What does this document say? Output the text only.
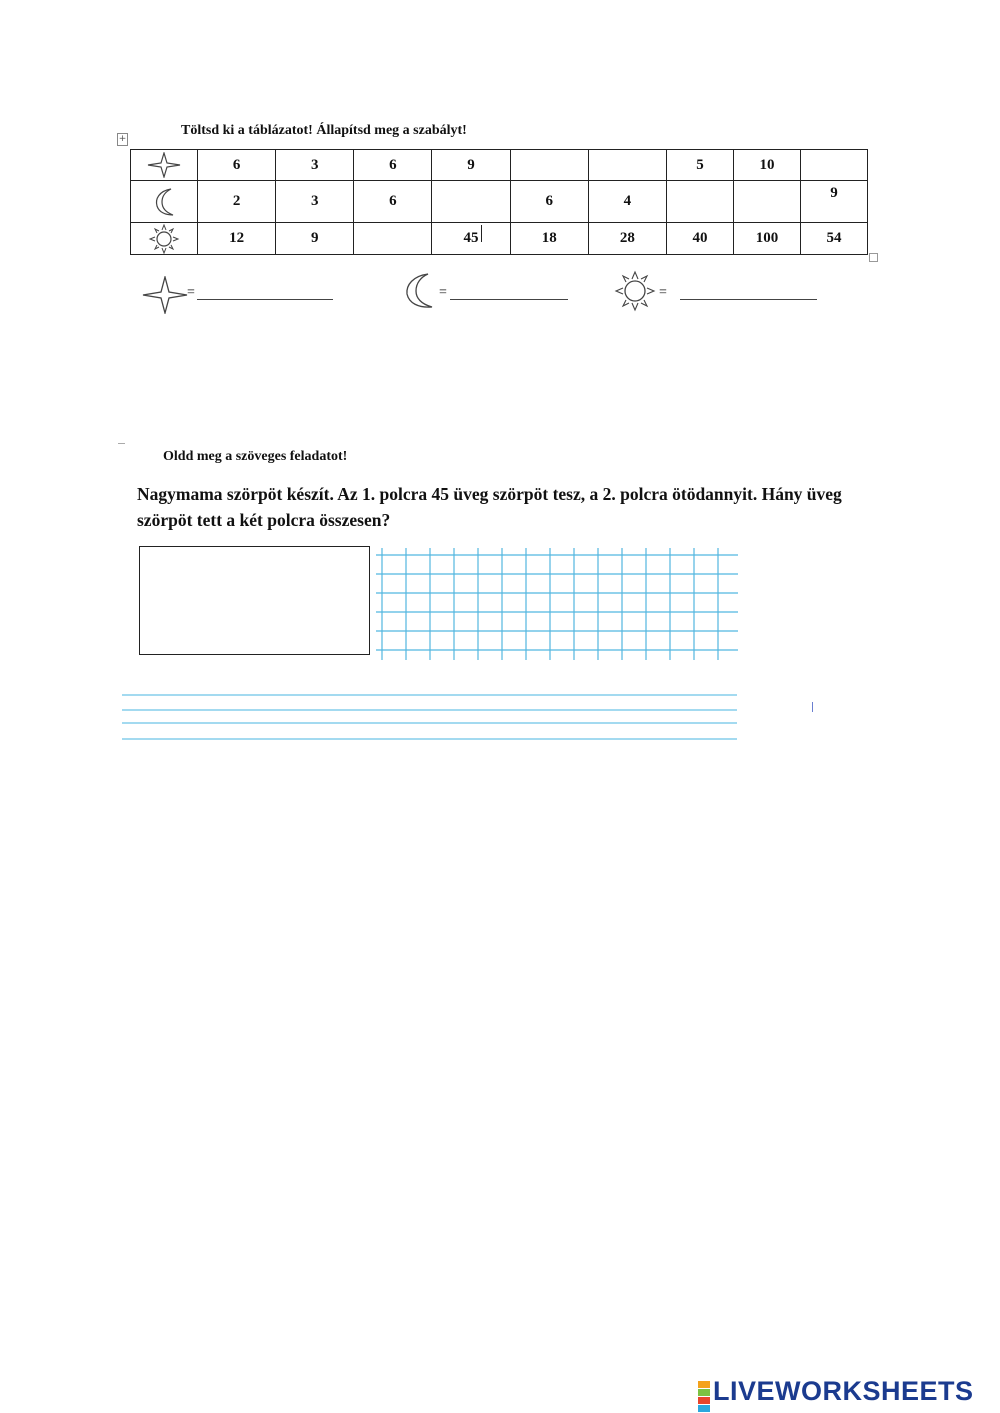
+
Töltsd ki a táblázatot! Állapítsd meg a szabályt!
	6	3	6	9			5	10	

	2	3	6		6	4			9

	12	9		45	18	28	40	100	54
=	=	=
Oldd meg a szöveges feladatot!
Nagymama szörpöt készít. Az 1. polcra 45 üveg szörpöt tesz, a 2. polcra ötödannyit. Hány üveg szörpöt tett a két polcra összesen?
LIVEWORKSHEETS
